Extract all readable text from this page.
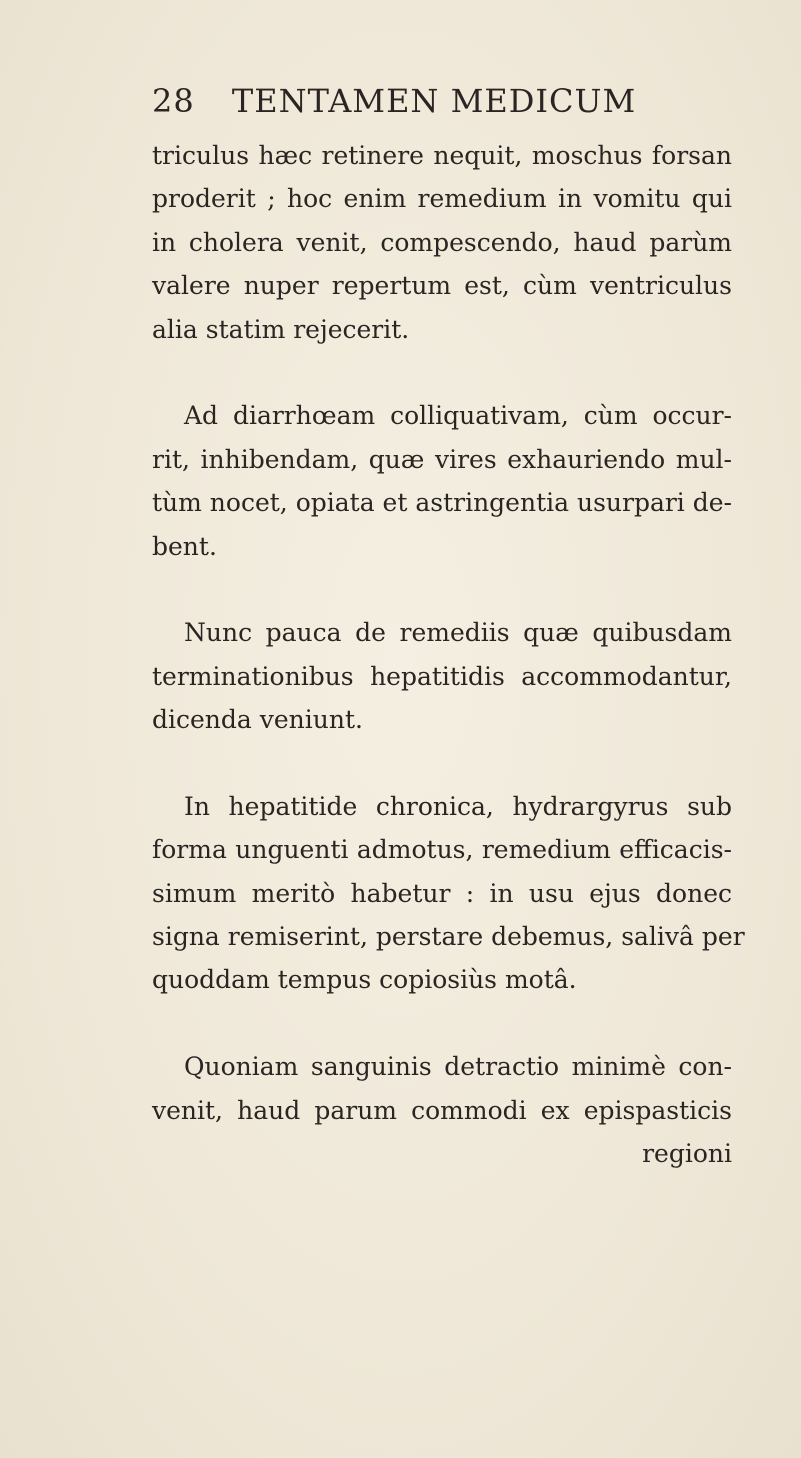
28 TENTAMEN MEDICUM
triculus hæc retinere nequit, moschus forsan
proderit ; hoc enim remedium in vomitu qui
in cholera venit, compescendo, haud parùm
valere nuper repertum est, cùm ventriculus
alia statim rejecerit.
Ad diarrhœam colliquativam, cùm occur-
rit, inhibendam, quæ vires exhauriendo mul-
tùm nocet, opiata et astringentia usurpari de-
bent.
Nunc pauca de remediis quæ quibusdam
terminationibus hepatitidis accommodantur,
dicenda veniunt.
In hepatitide chronica, hydrargyrus sub
forma unguenti admotus, remedium efficacis-
simum meritò habetur : in usu ejus donec
signa remiserint, perstare debemus, salivâ per
quoddam tempus copiosiùs motâ.
Quoniam sanguinis detractio minimè con-
venit, haud parum commodi ex epispasticis
regioni
